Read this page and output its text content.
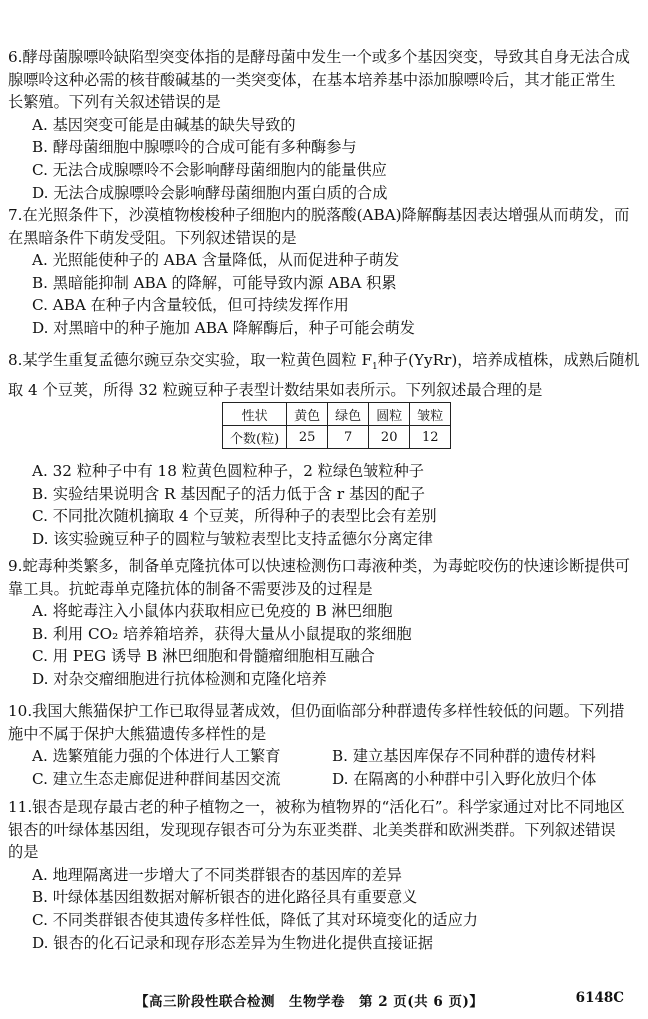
6.酵母菌腺嘌呤缺陷型突变体指的是酵母菌中发生一个或多个基因突变，导致其自身无法合成
腺嘌呤这种必需的核苷酸碱基的一类突变体，在基本培养基中添加腺嘌呤后，其才能正常生
长繁殖。下列有关叙述错误的是
A. 基因突变可能是由碱基的缺失导致的
B. 酵母菌细胞中腺嘌呤的合成可能有多种酶参与
C. 无法合成腺嘌呤不会影响酵母菌细胞内的能量供应
D. 无法合成腺嘌呤会影响酵母菌细胞内蛋白质的合成
7.在光照条件下，沙漠植物梭梭种子细胞内的脱落酸(ABA)降解酶基因表达增强从而萌发，而
在黑暗条件下萌发受阻。下列叙述错误的是
A. 光照能使种子的 ABA 含量降低，从而促进种子萌发
B. 黑暗能抑制 ABA 的降解，可能导致内源 ABA 积累
C. ABA 在种子内含量较低，但可持续发挥作用
D. 对黑暗中的种子施加 ABA 降解酶后，种子可能会萌发
8.某学生重复孟德尔豌豆杂交实验，取一粒黄色圆粒 $F_1$种子(YyRr)，培养成植株，成熟后随机
取 4 个豆荚，所得 32 粒豌豆种子表型计数结果如表所示。下列叙述最合理的是
性状	黄色	绿色	圆粒	皱粒
个数(粒)	25	7	20	12
A. 32 粒种子中有 18 粒黄色圆粒种子，2 粒绿色皱粒种子
B. 实验结果说明含 R 基因配子的活力低于含 r 基因的配子
C. 不同批次随机摘取 4 个豆荚，所得种子的表型比会有差别
D. 该实验豌豆种子的圆粒与皱粒表型比支持孟德尔分离定律
9.蛇毒种类繁多，制备单克隆抗体可以快速检测伤口毒液种类，为毒蛇咬伤的快速诊断提供可
靠工具。抗蛇毒单克隆抗体的制备不需要涉及的过程是
A. 将蛇毒注入小鼠体内获取相应已免疫的 B 淋巴细胞
B. 利用 CO₂ 培养箱培养，获得大量从小鼠提取的浆细胞
C. 用 PEG 诱导 B 淋巴细胞和骨髓瘤细胞相互融合
D. 对杂交瘤细胞进行抗体检测和克隆化培养
10.我国大熊猫保护工作已取得显著成效，但仍面临部分种群遗传多样性较低的问题。下列措
施中不属于保护大熊猫遗传多样性的是
A. 选繁殖能力强的个体进行人工繁育	B. 建立基因库保存不同种群的遗传材料
C. 建立生态走廊促进种群间基因交流	D. 在隔离的小种群中引入野化放归个体
11.银杏是现存最古老的种子植物之一，被称为植物界的“活化石”。科学家通过对比不同地区
银杏的叶绿体基因组，发现现存银杏可分为东亚类群、北美类群和欧洲类群。下列叙述错误
的是
A. 地理隔离进一步增大了不同类群银杏的基因库的差异
B. 叶绿体基因组数据对解析银杏的进化路径具有重要意义
C. 不同类群银杏使其遗传多样性低，降低了其对环境变化的适应力
D. 银杏的化石记录和现存形态差异为生物进化提供直接证据
【高三阶段性联合检测　生物学卷　第 2 页(共 6 页)】	6148C
